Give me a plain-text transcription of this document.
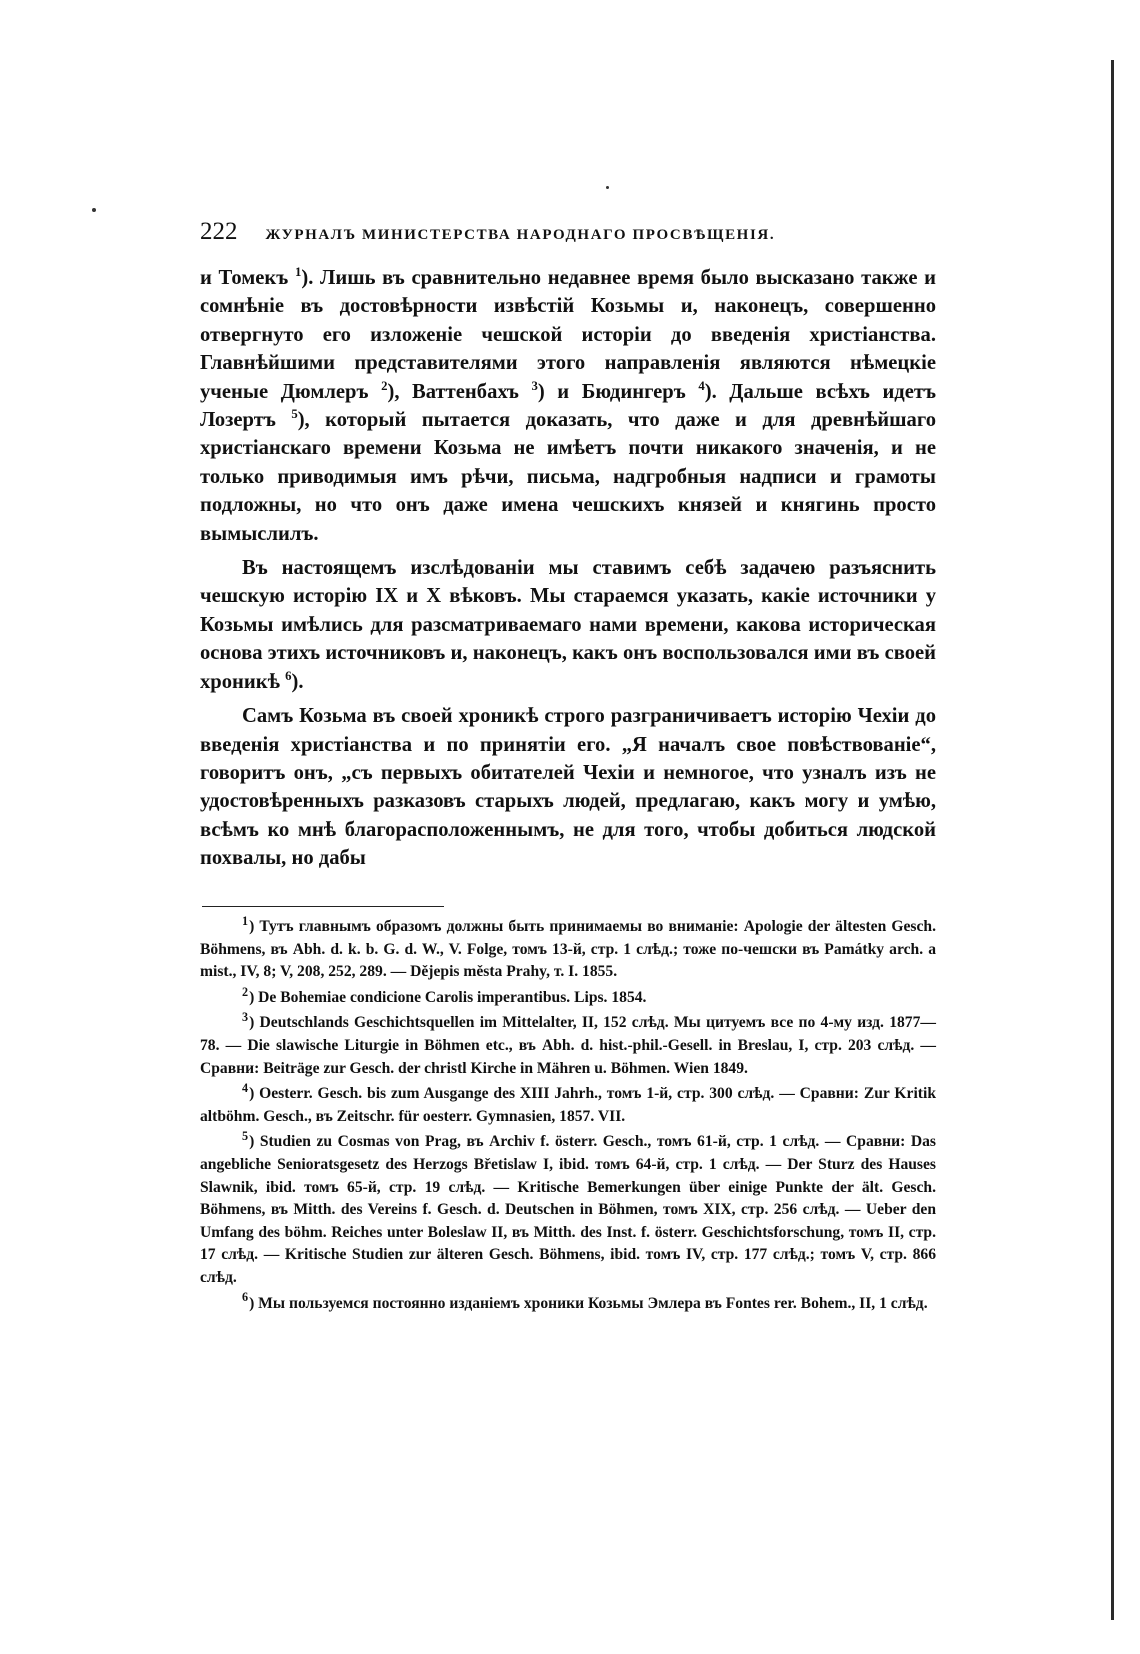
222 ЖУРНАЛЪ МИНИСТЕРСТВА НАРОДНАГО ПРОСВѢЩЕНІЯ.

и Томекъ $^1$). Лишь въ сравнительно недавнее время было высказано также и сомнѣніе въ достовѣрности извѣстій Козьмы и, наконецъ, совершенно отвергнуто его изложеніе чешской исторіи до введенія христіанства. Главнѣйшими представителями этого направленія являются нѣмецкіе ученые Дюмлеръ $^2$), Ваттенбахъ $^3$) и Бюдингеръ $^4$). Дальше всѣхъ идетъ Лозертъ $^5$), который пытается доказать, что даже и для древнѣйшаго христіанскаго времени Козьма не имѣетъ почти никакого значенія, и не только приводимыя имъ рѣчи, письма, надгробныя надписи и грамоты подложны, но что онъ даже имена чешскихъ князей и княгинь просто вымыслилъ.

Въ настоящемъ изслѣдованіи мы ставимъ себѣ задачею разъяснить чешскую исторію IX и X вѣковъ. Мы стараемся указать, какіе источники у Козьмы имѣлись для разсматриваемаго нами времени, какова историческая основа этихъ источниковъ и, наконецъ, какъ онъ воспользовался ими въ своей хроникѣ $^6$).

Самъ Козьма въ своей хроникѣ строго разграничиваетъ исторію Чехіи до введенія христіанства и по принятіи его. „Я началъ свое повѣствованіе“, говоритъ онъ, „съ первыхъ обитателей Чехіи и немногое, что узналъ изъ не удостовѣренныхъ разказовъ старыхъ людей, предлагаю, какъ могу и умѣю, всѣмъ ко мнѣ благорасположеннымъ, не для того, чтобы добиться людской похвалы, но дабы

$^1$) Тутъ главнымъ образомъ должны быть принимаемы во вниманіе: Apologie der ältesten Gesch. Böhmens, въ Abh. d. k. b. G. d. W., V. Folge, томъ 13-й, стр. 1 слѣд.; тоже по-чешски въ Památky arch. a mist., IV, 8; V, 208, 252, 289. — Dějepis města Prahy, т. I. 1855.

$^2$) De Bohemiae condicione Carolis imperantibus. Lips. 1854.

$^3$) Deutschlands Geschichtsquellen im Mittelalter, II, 152 слѣд. Мы цитуемъ все по 4-му изд. 1877—78. — Die slawische Liturgie in Böhmen etc., въ Abh. d. hist.-phil.-Gesell. in Breslau, I, стр. 203 слѣд. — Сравни: Beiträge zur Gesch. der christl Kirche in Mähren u. Böhmen. Wien 1849.

$^4$) Oesterr. Gesch. bis zum Ausgange des XIII Jahrh., томъ 1-й, стр. 300 слѣд. — Сравни: Zur Kritik altböhm. Gesch., въ Zeitschr. für oesterr. Gymnasien, 1857. VII.

$^5$) Studien zu Cosmas von Prag, въ Archiv f. österr. Gesch., томъ 61-й, стр. 1 слѣд. — Сравни: Das angebliche Senioratsgesetz des Herzogs Břetislaw I, ibid. томъ 64-й, стр. 1 слѣд. — Der Sturz des Hauses Slawnik, ibid. томъ 65-й, стр. 19 слѣд. — Kritische Bemerkungen über einige Punkte der ält. Gesch. Böhmens, въ Mitth. des Vereins f. Gesch. d. Deutschen in Böhmen, томъ XIX, стр. 256 слѣд. — Ueber den Umfang des böhm. Reiches unter Boleslaw II, въ Mitth. des Inst. f. österr. Geschichtsforschung, томъ II, стр. 17 слѣд. — Kritische Studien zur älteren Gesch. Böhmens, ibid. томъ IV, стр. 177 слѣд.; томъ V, стр. 866 слѣд.

$^6$) Мы пользуемся постоянно изданіемъ хроники Козьмы Эмлера въ Fontes rer. Bohem., II, 1 слѣд.
